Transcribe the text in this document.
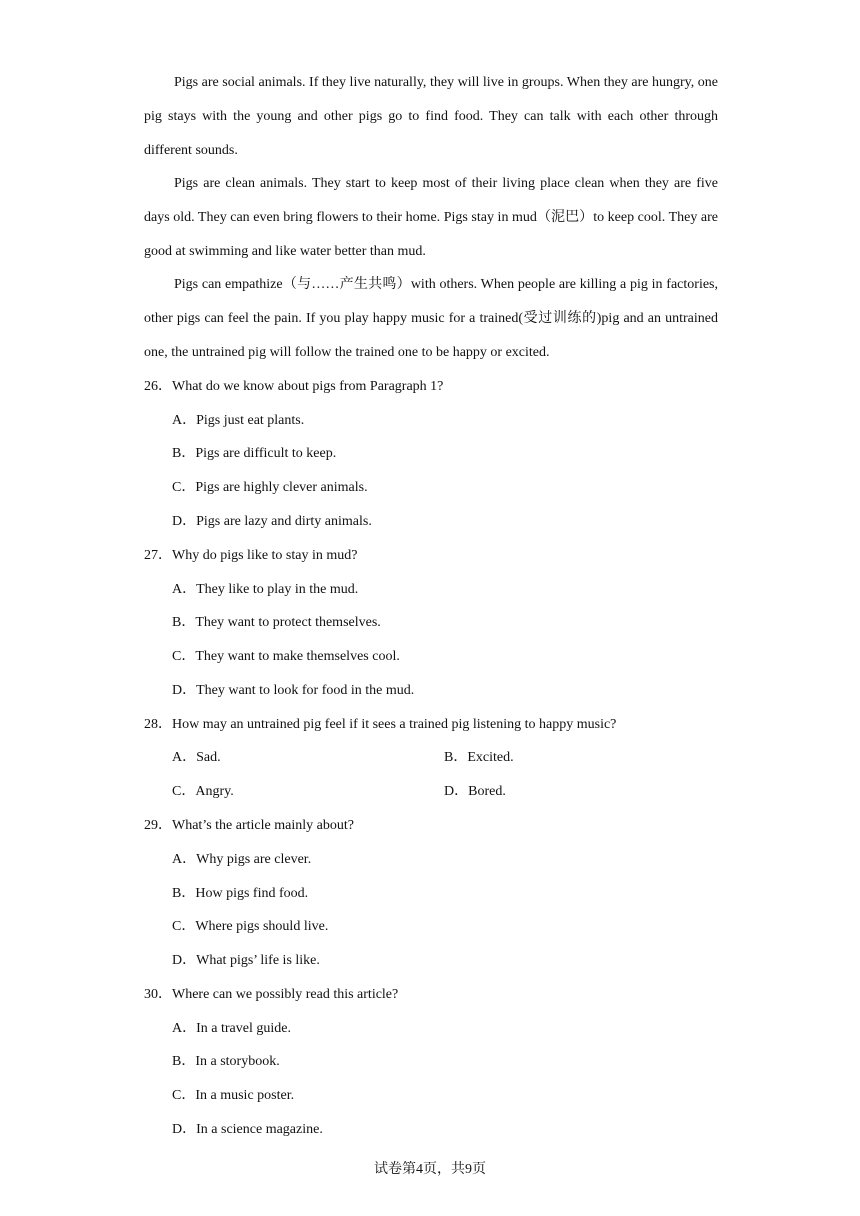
Pigs are social animals. If they live naturally, they will live in groups. When they are hungry, one pig stays with the young and other pigs go to find food. They can talk with each other through different sounds.

Pigs are clean animals. They start to keep most of their living place clean when they are five days old. They can even bring flowers to their home. Pigs stay in mud（泥巴）to keep cool. They are good at swimming and like water better than mud.

Pigs can empathize（与……产生共鸣）with others. When people are killing a pig in factories, other pigs can feel the pain. If you play happy music for a trained(受过训练的)pig and an untrained one, the untrained pig will follow the trained one to be happy or excited.

26．What do we know about pigs from Paragraph 1?
A．Pigs just eat plants.
B．Pigs are difficult to keep.
C．Pigs are highly clever animals.
D．Pigs are lazy and dirty animals.
27．Why do pigs like to stay in mud?
A．They like to play in the mud.
B．They want to protect themselves.
C．They want to make themselves cool.
D．They want to look for food in the mud.
28．How may an untrained pig feel if it sees a trained pig listening to happy music?
A．Sad.	B．Excited.
C．Angry.	D．Bored.
29．What’s the article mainly about?
A．Why pigs are clever.
B．How pigs find food.
C．Where pigs should live.
D．What pigs’ life is like.
30．Where can we possibly read this article?
A．In a travel guide.
B．In a storybook.
C．In a music poster.
D．In a science magazine.
试卷第4页，共9页
